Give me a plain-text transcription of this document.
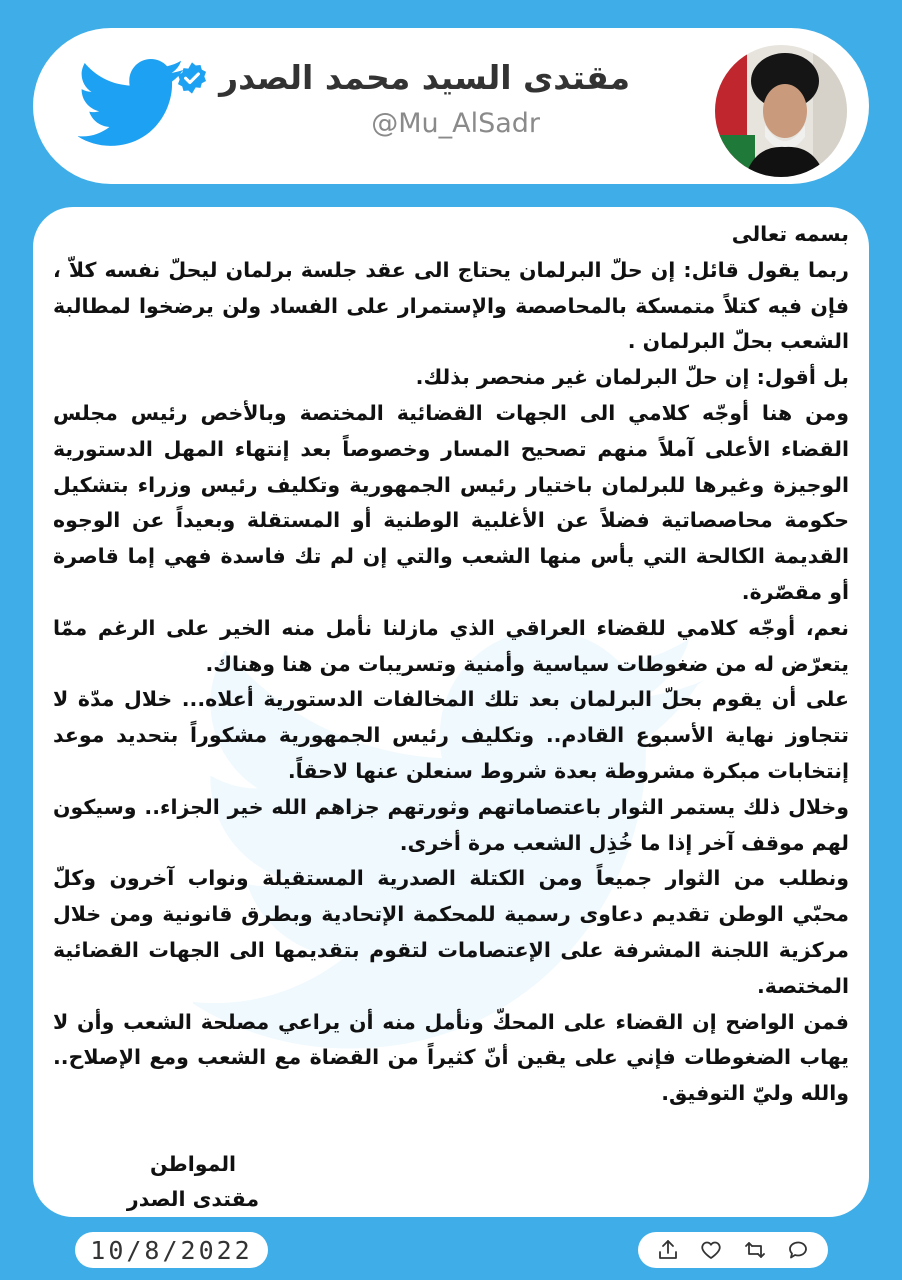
مقتدى السيد محمد الصدر
@Mu_AlSadr

بسمه تعالى

ربما يقول قائل: إن حلّ البرلمان يحتاج الى عقد جلسة برلمان ليحلّ نفسه كلاّ ، فإن فيه كتلاً متمسكة بالمحاصصة والإستمرار على الفساد ولن يرضخوا لمطالبة الشعب بحلّ البرلمان .

بل أقول: إن حلّ البرلمان غير منحصر بذلك.

ومن هنا أوجّه كلامي الى الجهات القضائية المختصة وبالأخص رئيس مجلس القضاء الأعلى آملاً منهم تصحيح المسار وخصوصاً بعد إنتهاء المهل الدستورية الوجيزة وغيرها للبرلمان باختيار رئيس الجمهورية وتكليف رئيس وزراء بتشكيل حكومة محاصصاتية فضلاً عن الأغلبية الوطنية أو المستقلة وبعيداً عن الوجوه القديمة الكالحة التي يأس منها الشعب والتي إن لم تك فاسدة فهي إما قاصرة أو مقصّرة.

نعم، أوجّه كلامي للقضاء العراقي الذي مازلنا نأمل منه الخير على الرغم ممّا يتعرّض له من ضغوطات سياسية وأمنية وتسريبات من هنا وهناك.

على أن يقوم بحلّ البرلمان بعد تلك المخالفات الدستورية أعلاه... خلال مدّة لا تتجاوز نهاية الأسبوع القادم.. وتكليف رئيس الجمهورية مشكوراً بتحديد موعد إنتخابات مبكرة مشروطة بعدة شروط سنعلن عنها لاحقاً.

وخلال ذلك يستمر الثوار باعتصاماتهم وثورتهم جزاهم الله خير الجزاء.. وسيكون لهم موقف آخر إذا ما خُذِل الشعب مرة أخرى.

ونطلب من الثوار جميعاً ومن الكتلة الصدرية المستقيلة ونواب آخرون وكلّ محبّي الوطن تقديم دعاوى رسمية للمحكمة الإتحادية وبطرق قانونية ومن خلال مركزية اللجنة المشرفة على الإعتصامات لتقوم بتقديمها الى الجهات القضائية المختصة.

فمن الواضح إن القضاء على المحكّ ونأمل منه أن يراعي مصلحة الشعب وأن لا يهاب الضغوطات فإني على يقين أنّ كثيراً من القضاة مع الشعب ومع الإصلاح.. والله وليّ التوفيق.

المواطن
مقتدى الصدر
10/8/2022
